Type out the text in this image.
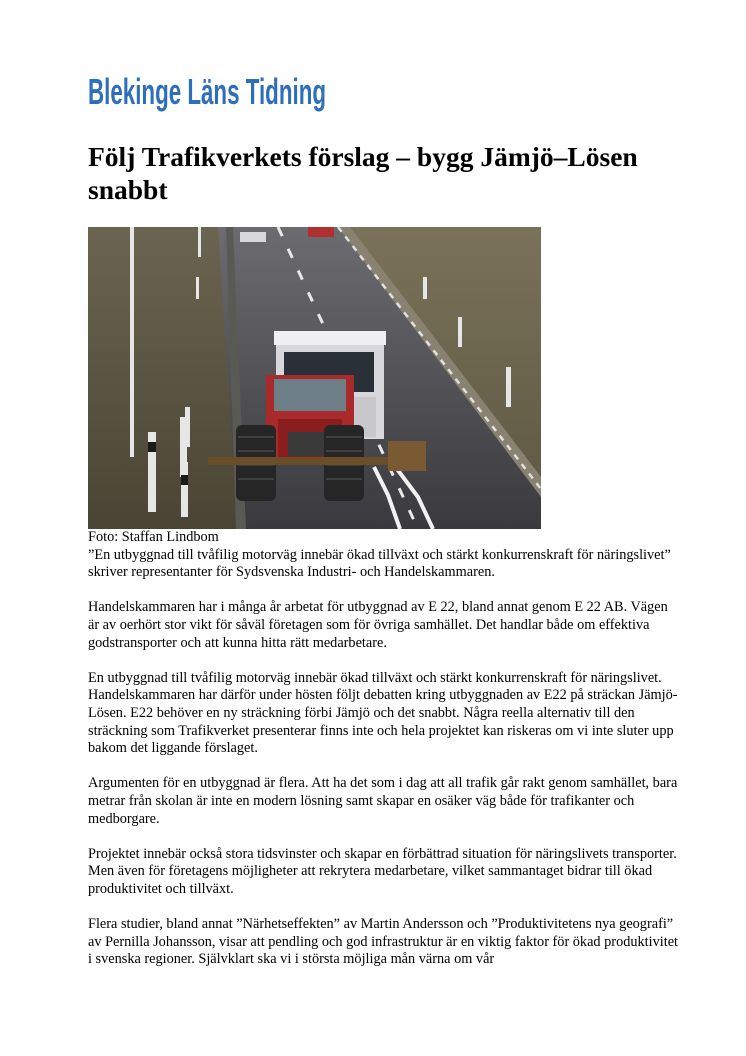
Blekinge Läns Tidning
Följ Trafikverkets förslag – bygg Jämjö–Lösen snabbt

Foto: Staffan Lindbom

”En utbyggnad till tvåfilig motorväg innebär ökad tillväxt och stärkt konkurrenskraft för näringslivet” skriver representanter för Sydsvenska Industri- och Handelskammaren.

Handelskammaren har i många år arbetat för utbyggnad av E 22, bland annat genom E 22 AB. Vägen är av oerhört stor vikt för såväl företagen som för övriga samhället. Det handlar både om effektiva godstransporter och att kunna hitta rätt medarbetare.

En utbyggnad till tvåfilig motorväg innebär ökad tillväxt och stärkt konkurrenskraft för näringslivet. Handelskammaren har därför under hösten följt debatten kring utbyggnaden av E22 på sträckan Jämjö-Lösen. E22 behöver en ny sträckning förbi Jämjö och det snabbt. Några reella alternativ till den sträckning som Trafikverket presenterar finns inte och hela projektet kan riskeras om vi inte sluter upp bakom det liggande förslaget.

Argumenten för en utbyggnad är flera. Att ha det som i dag att all trafik går rakt genom samhället, bara metrar från skolan är inte en modern lösning samt skapar en osäker väg både för trafikanter och medborgare.

Projektet innebär också stora tidsvinster och skapar en förbättrad situation för näringslivets transporter. Men även för företagens möjligheter att rekrytera medarbetare, vilket sammantaget bidrar till ökad produktivitet och tillväxt.

Flera studier, bland annat ”Närhetseffekten” av Martin Andersson och ”Produktivitetens nya geografi” av Pernilla Johansson, visar att pendling och god infrastruktur är en viktig faktor för ökad produktivitet i svenska regioner. Självklart ska vi i största möjliga mån värna om vår
